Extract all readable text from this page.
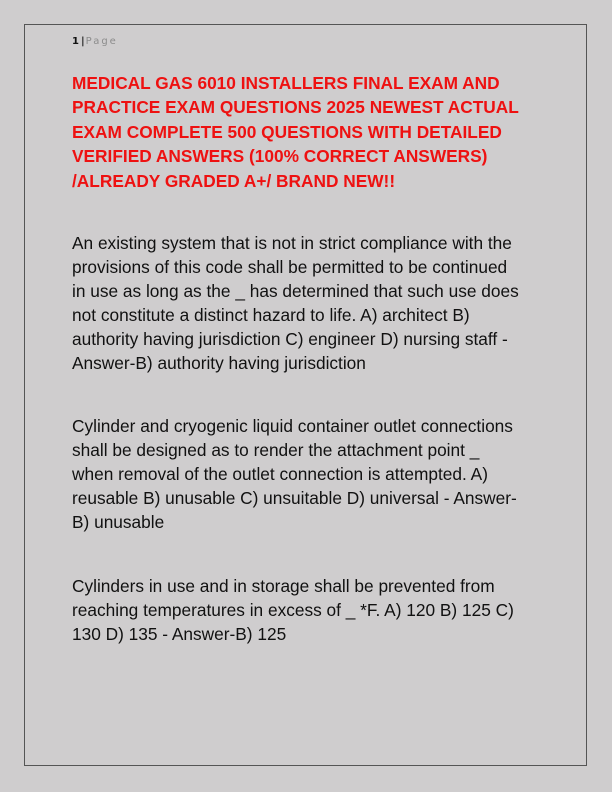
1 |Page
MEDICAL GAS 6010 INSTALLERS FINAL EXAM AND
PRACTICE EXAM QUESTIONS 2025 NEWEST ACTUAL
EXAM COMPLETE 500 QUESTIONS WITH DETAILED
VERIFIED ANSWERS (100% CORRECT ANSWERS)
/ALREADY GRADED A+/ BRAND NEW!!

An existing system that is not in strict compliance with the
provisions of this code shall be permitted to be continued
in use as long as the _ has determined that such use does
not constitute a distinct hazard to life. A) architect B)
authority having jurisdiction C) engineer D) nursing staff -
Answer-B) authority having jurisdiction

Cylinder and cryogenic liquid container outlet connections
shall be designed as to render the attachment point _
when removal of the outlet connection is attempted. A)
reusable B) unusable C) unsuitable D) universal - Answer-
B) unusable

Cylinders in use and in storage shall be prevented from
reaching temperatures in excess of _ *F. A) 120 B) 125 C)
130 D) 135 - Answer-B) 125
